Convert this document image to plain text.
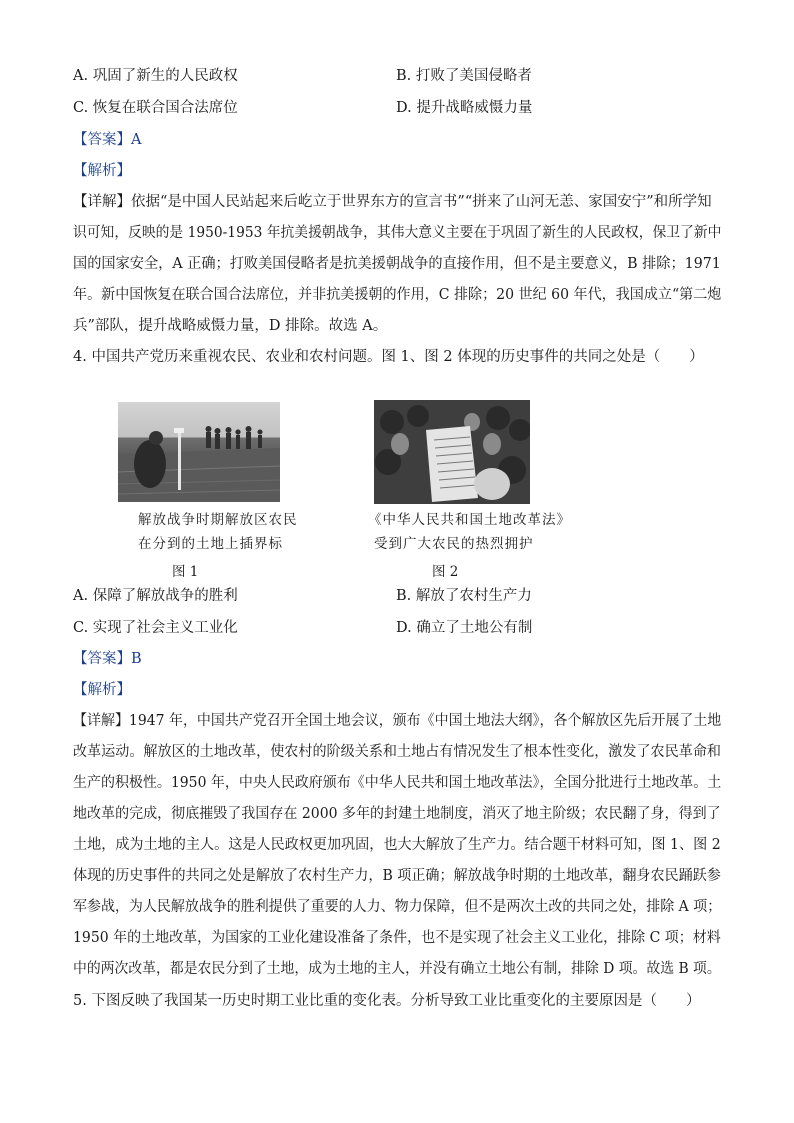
A. 巩固了新生的人民政权	B. 打败了美国侵略者
C. 恢复在联合国合法席位	D. 提升战略威慑力量
【答案】A
【解析】
【详解】依据“是中国人民站起来后屹立于世界东方的宣言书”“拼来了山河无恙、家国安宁”和所学知
识可知，反映的是 1950-1953 年抗美援朝战争，其伟大意义主要在于巩固了新生的人民政权，保卫了新中
国的国家安全，A 正确；打败美国侵略者是抗美援朝战争的直接作用，但不是主要意义，B 排除；1971
年。新中国恢复在联合国合法席位，并非抗美援朝的作用，C 排除；20 世纪 60 年代，我国成立“第二炮
兵”部队，提升战略威慑力量，D 排除。故选 A。
4. 中国共产党历来重视农民、农业和农村问题。图 1、图 2 体现的历史事件的共同之处是（　　）
解放战争时期解放区农民
在分到的土地上插界标
《中华人民共和国土地改革法》
受到广大农民的热烈拥护
图 1	图 2
A. 保障了解放战争的胜利	B. 解放了农村生产力
C. 实现了社会主义工业化	D. 确立了土地公有制
【答案】B
【解析】
【详解】1947 年，中国共产党召开全国土地会议，颁布《中国土地法大纲》，各个解放区先后开展了土地
改革运动。解放区的土地改革，使农村的阶级关系和土地占有情况发生了根本性变化，激发了农民革命和
生产的积极性。1950 年，中央人民政府颁布《中华人民共和国土地改革法》，全国分批进行土地改革。土
地改革的完成，彻底摧毁了我国存在 2000 多年的封建土地制度，消灭了地主阶级；农民翻了身，得到了
土地，成为土地的主人。这是人民政权更加巩固，也大大解放了生产力。结合题干材料可知，图 1、图 2
体现的历史事件的共同之处是解放了农村生产力，B 项正确；解放战争时期的土地改革，翻身农民踊跃参
军参战，为人民解放战争的胜利提供了重要的人力、物力保障，但不是两次土改的共同之处，排除 A 项；
1950 年的土地改革，为国家的工业化建设准备了条件，也不是实现了社会主义工业化，排除 C 项；材料
中的两次改革，都是农民分到了土地，成为土地的主人，并没有确立土地公有制，排除 D 项。故选 B 项。
5. 下图反映了我国某一历史时期工业比重的变化表。分析导致工业比重变化的主要原因是（　　）
